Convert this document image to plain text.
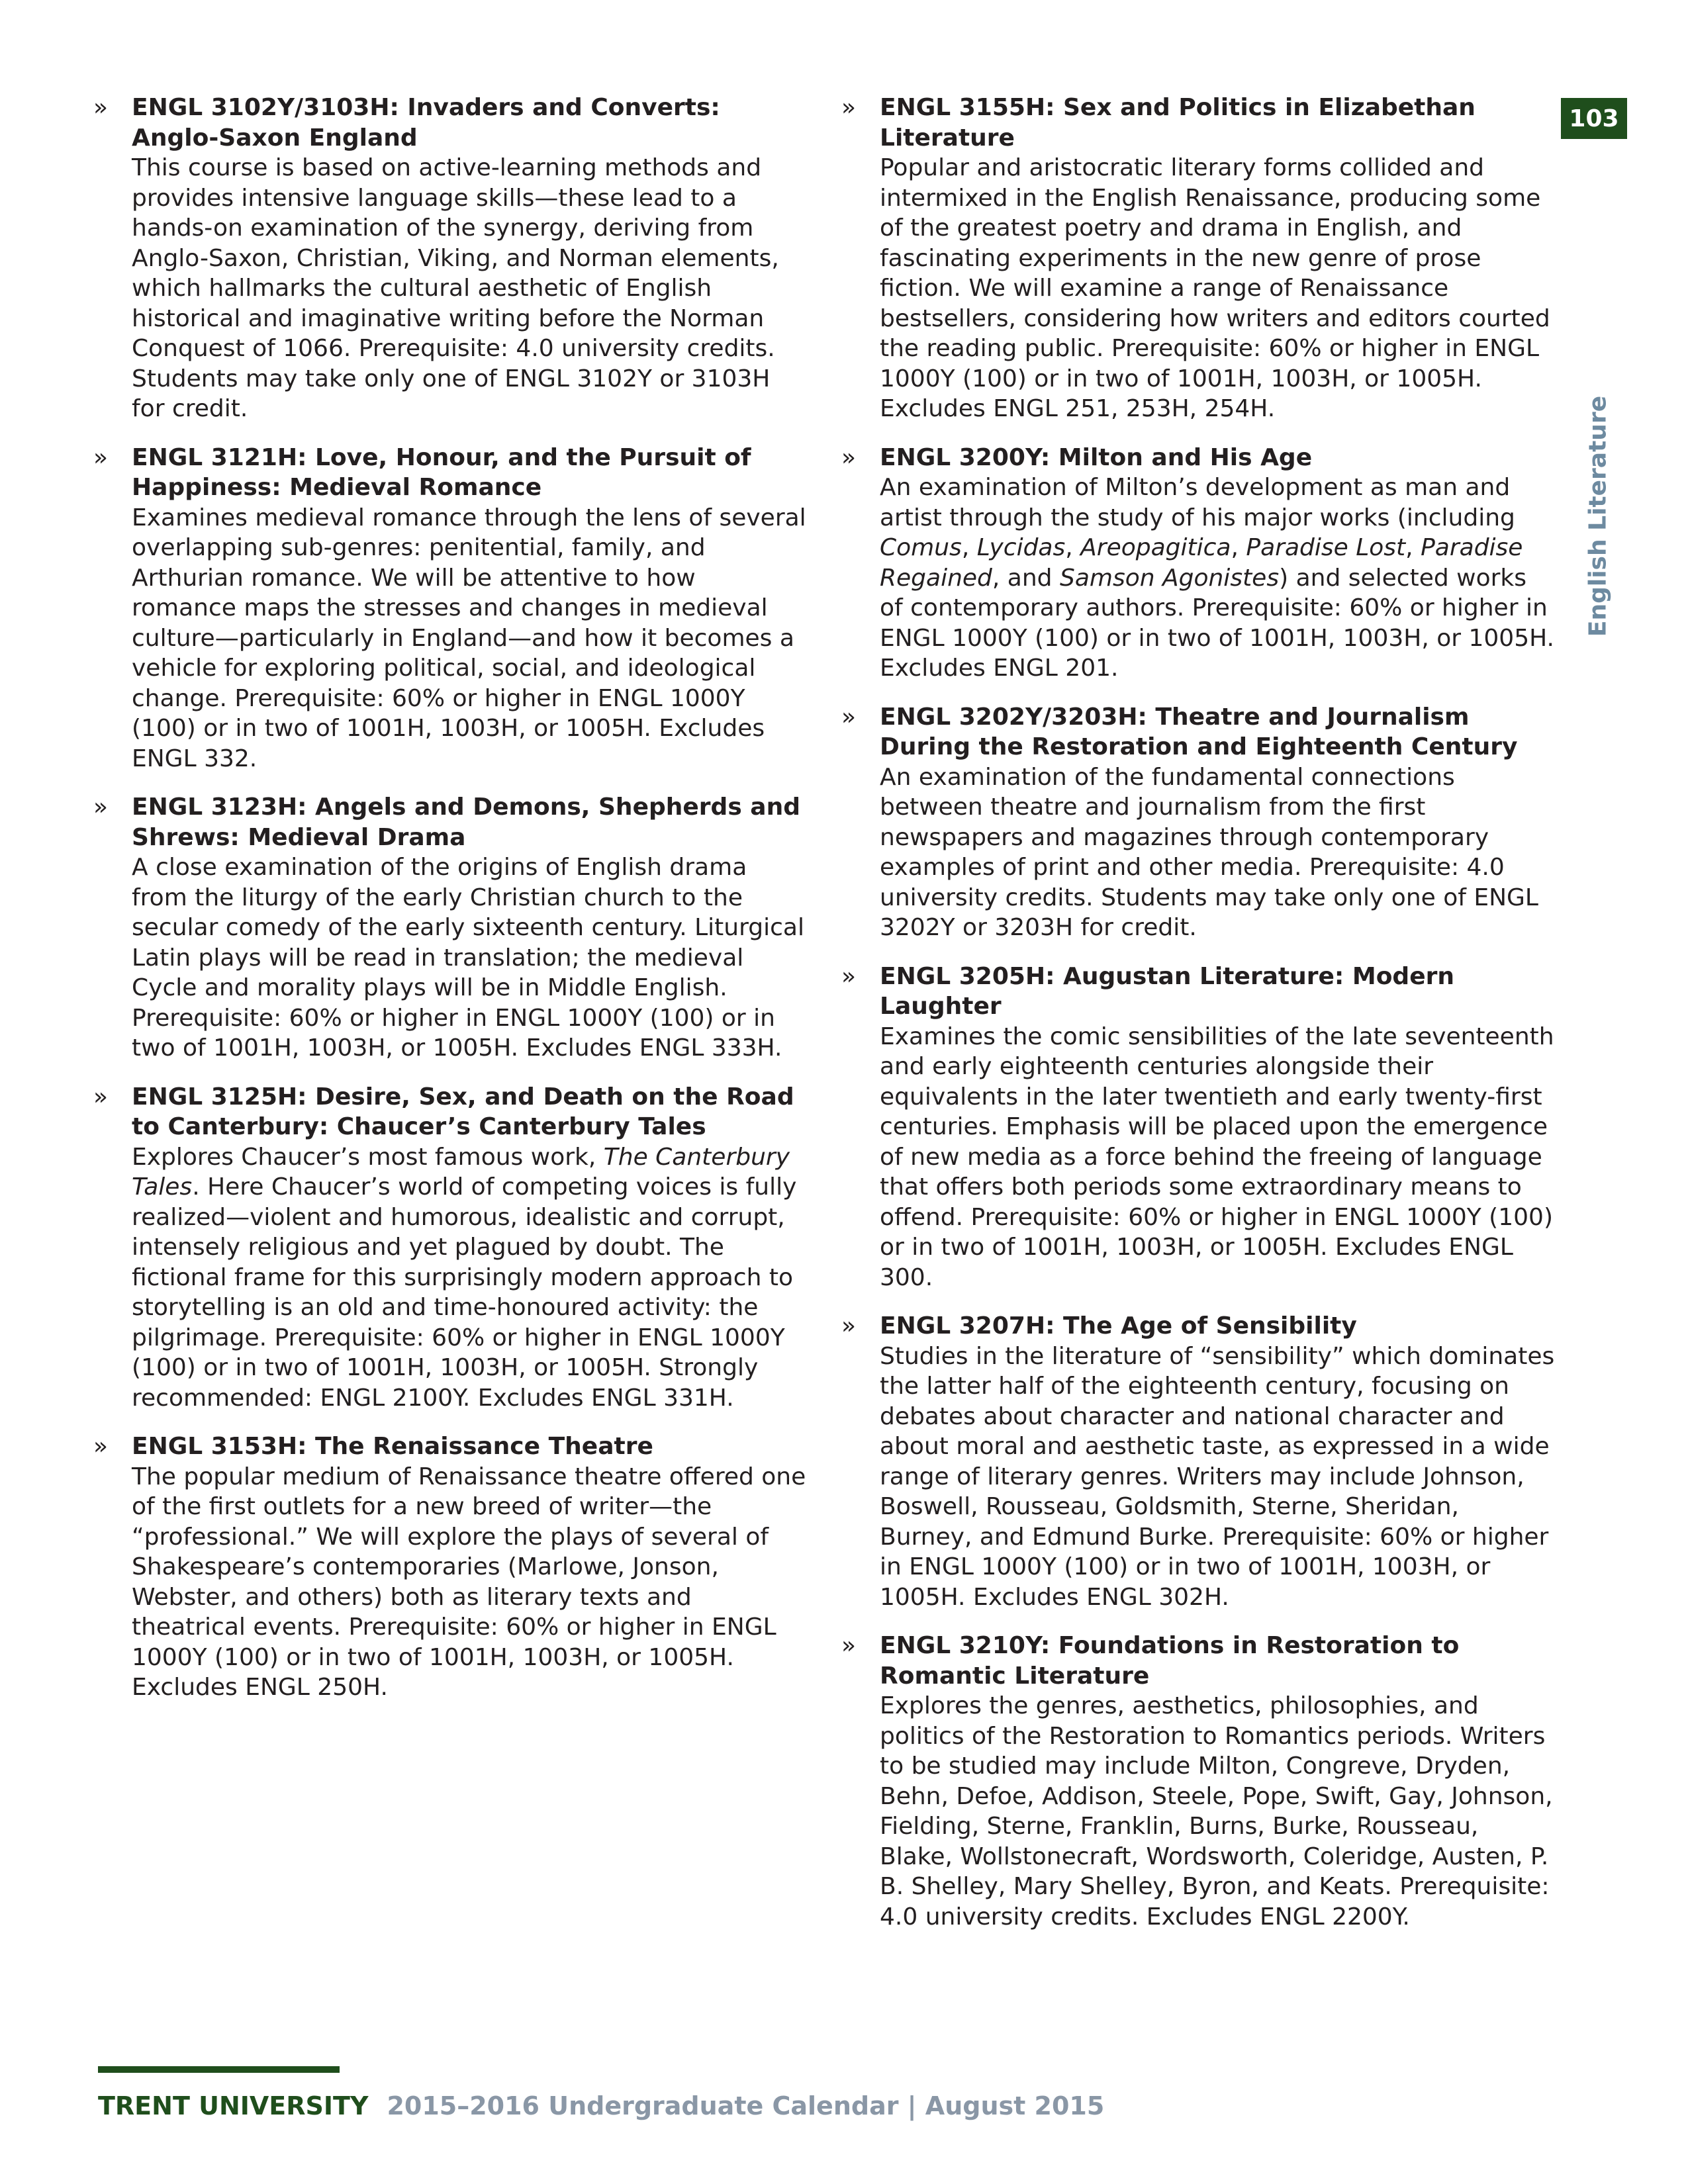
103
English Literature
» ENGL 3102Y/3103H: Invaders and Converts: Anglo-Saxon England
This course is based on active-learning methods and provides intensive language skills—these lead to a hands-on examination of the synergy, deriving from Anglo-Saxon, Christian, Viking, and Norman elements, which hallmarks the cultural aesthetic of English historical and imaginative writing before the Norman Conquest of 1066. Prerequisite: 4.0 university credits. Students may take only one of ENGL 3102Y or 3103H for credit.
» ENGL 3121H: Love, Honour, and the Pursuit of Happiness: Medieval Romance
Examines medieval romance through the lens of several overlapping sub-genres: penitential, family, and Arthurian romance. We will be attentive to how romance maps the stresses and changes in medieval culture—particularly in England—and how it becomes a vehicle for exploring political, social, and ideological change. Prerequisite: 60% or higher in ENGL 1000Y (100) or in two of 1001H, 1003H, or 1005H. Excludes ENGL 332.
» ENGL 3123H: Angels and Demons, Shepherds and Shrews: Medieval Drama
A close examination of the origins of English drama from the liturgy of the early Christian church to the secular comedy of the early sixteenth century. Liturgical Latin plays will be read in translation; the medieval Cycle and morality plays will be in Middle English. Prerequisite: 60% or higher in ENGL 1000Y (100) or in two of 1001H, 1003H, or 1005H. Excludes ENGL 333H.
» ENGL 3125H: Desire, Sex, and Death on the Road to Canterbury: Chaucer’s Canterbury Tales
Explores Chaucer’s most famous work, The Canterbury Tales. Here Chaucer’s world of competing voices is fully realized—violent and humorous, idealistic and corrupt, intensely religious and yet plagued by doubt. The fictional frame for this surprisingly modern approach to storytelling is an old and time-honoured activity: the pilgrimage. Prerequisite: 60% or higher in ENGL 1000Y (100) or in two of 1001H, 1003H, or 1005H. Strongly recommended: ENGL 2100Y. Excludes ENGL 331H.
» ENGL 3153H: The Renaissance Theatre
The popular medium of Renaissance theatre offered one of the first outlets for a new breed of writer—the “professional.” We will explore the plays of several of Shakespeare’s contemporaries (Marlowe, Jonson, Webster, and others) both as literary texts and theatrical events. Prerequisite: 60% or higher in ENGL 1000Y (100) or in two of 1001H, 1003H, or 1005H. Excludes ENGL 250H.
» ENGL 3155H: Sex and Politics in Elizabethan Literature
Popular and aristocratic literary forms collided and intermixed in the English Renaissance, producing some of the greatest poetry and drama in English, and fascinating experiments in the new genre of prose fiction. We will examine a range of Renaissance bestsellers, considering how writers and editors courted the reading public. Prerequisite: 60% or higher in ENGL 1000Y (100) or in two of 1001H, 1003H, or 1005H. Excludes ENGL 251, 253H, 254H.
» ENGL 3200Y: Milton and His Age
An examination of Milton’s development as man and artist through the study of his major works (including Comus, Lycidas, Areopagitica, Paradise Lost, Paradise Regained, and Samson Agonistes) and selected works of contemporary authors. Prerequisite: 60% or higher in ENGL 1000Y (100) or in two of 1001H, 1003H, or 1005H. Excludes ENGL 201.
» ENGL 3202Y/3203H: Theatre and Journalism During the Restoration and Eighteenth Century
An examination of the fundamental connections between theatre and journalism from the first newspapers and magazines through contemporary examples of print and other media. Prerequisite: 4.0 university credits. Students may take only one of ENGL 3202Y or 3203H for credit.
» ENGL 3205H: Augustan Literature: Modern Laughter
Examines the comic sensibilities of the late seventeenth and early eighteenth centuries alongside their equivalents in the later twentieth and early twenty-first centuries. Emphasis will be placed upon the emergence of new media as a force behind the freeing of language that offers both periods some extraordinary means to offend. Prerequisite: 60% or higher in ENGL 1000Y (100) or in two of 1001H, 1003H, or 1005H. Excludes ENGL 300.
» ENGL 3207H: The Age of Sensibility
Studies in the literature of “sensibility” which dominates the latter half of the eighteenth century, focusing on debates about character and national character and about moral and aesthetic taste, as expressed in a wide range of literary genres. Writers may include Johnson, Boswell, Rousseau, Goldsmith, Sterne, Sheridan, Burney, and Edmund Burke. Prerequisite: 60% or higher in ENGL 1000Y (100) or in two of 1001H, 1003H, or 1005H. Excludes ENGL 302H.
» ENGL 3210Y: Foundations in Restoration to Romantic Literature
Explores the genres, aesthetics, philosophies, and politics of the Restoration to Romantics periods. Writers to be studied may include Milton, Congreve, Dryden, Behn, Defoe, Addison, Steele, Pope, Swift, Gay, Johnson, Fielding, Sterne, Franklin, Burns, Burke, Rousseau, Blake, Wollstonecraft, Wordsworth, Coleridge, Austen, P. B. Shelley, Mary Shelley, Byron, and Keats. Prerequisite: 4.0 university credits. Excludes ENGL 2200Y.
TRENT UNIVERSITY 2015–2016 Undergraduate Calendar | August 2015
